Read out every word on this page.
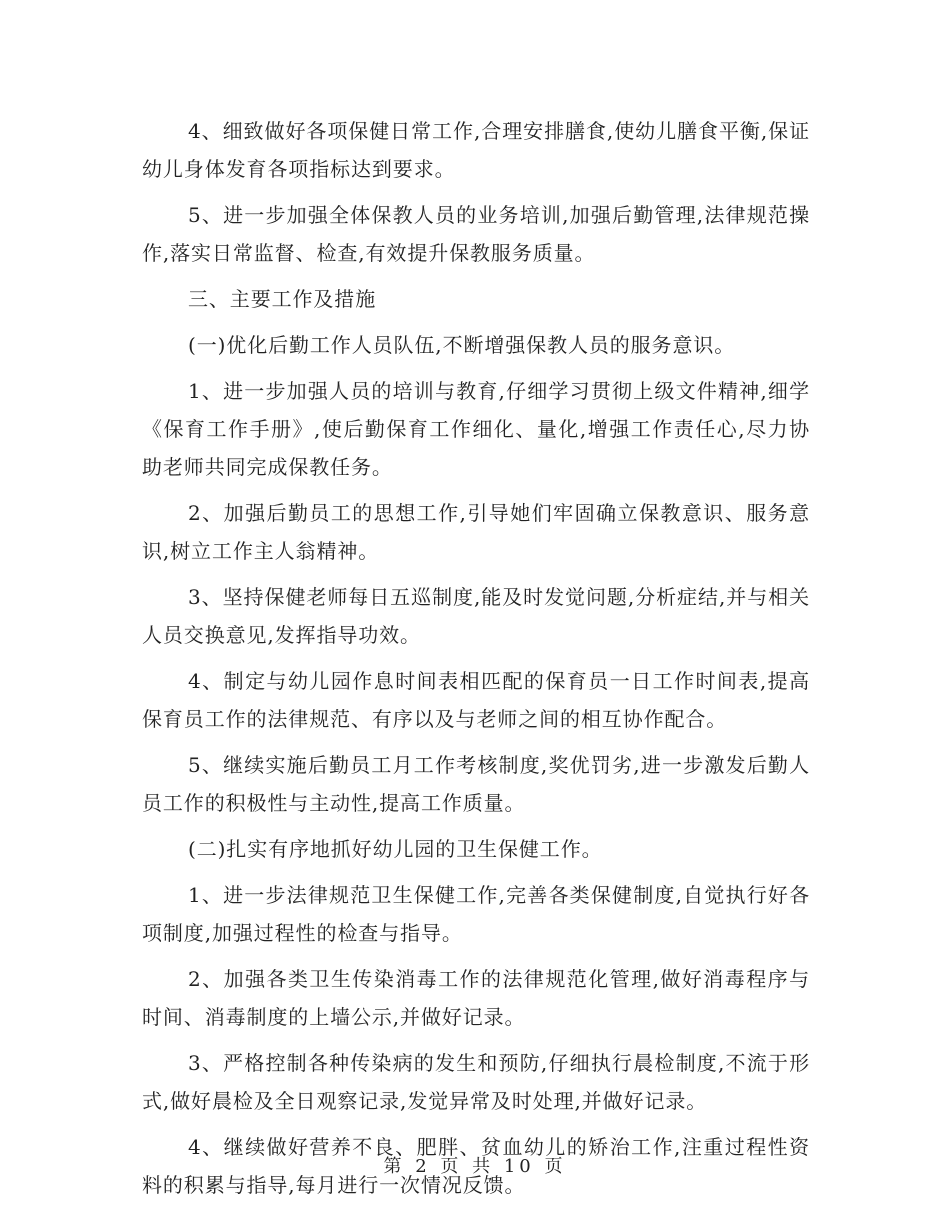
4、细致做好各项保健日常工作,合理安排膳食,使幼儿膳食平衡,保证幼儿身体发育各项指标达到要求。

5、进一步加强全体保教人员的业务培训,加强后勤管理,法律规范操作,落实日常监督、检查,有效提升保教服务质量。

三、主要工作及措施

(一)优化后勤工作人员队伍,不断增强保教人员的服务意识。

1、进一步加强人员的培训与教育,仔细学习贯彻上级文件精神,细学《保育工作手册》,使后勤保育工作细化、量化,增强工作责任心,尽力协助老师共同完成保教任务。

2、加强后勤员工的思想工作,引导她们牢固确立保教意识、服务意识,树立工作主人翁精神。

3、坚持保健老师每日五巡制度,能及时发觉问题,分析症结,并与相关人员交换意见,发挥指导功效。

4、制定与幼儿园作息时间表相匹配的保育员一日工作时间表,提高保育员工作的法律规范、有序以及与老师之间的相互协作配合。

5、继续实施后勤员工月工作考核制度,奖优罚劣,进一步激发后勤人员工作的积极性与主动性,提高工作质量。

(二)扎实有序地抓好幼儿园的卫生保健工作。

1、进一步法律规范卫生保健工作,完善各类保健制度,自觉执行好各项制度,加强过程性的检查与指导。

2、加强各类卫生传染消毒工作的法律规范化管理,做好消毒程序与时间、消毒制度的上墙公示,并做好记录。

3、严格控制各种传染病的发生和预防,仔细执行晨检制度,不流于形式,做好晨检及全日观察记录,发觉异常及时处理,并做好记录。

4、继续做好营养不良、肥胖、贫血幼儿的矫治工作,注重过程性资料的积累与指导,每月进行一次情况反馈。

第 2 页 共 10 页
